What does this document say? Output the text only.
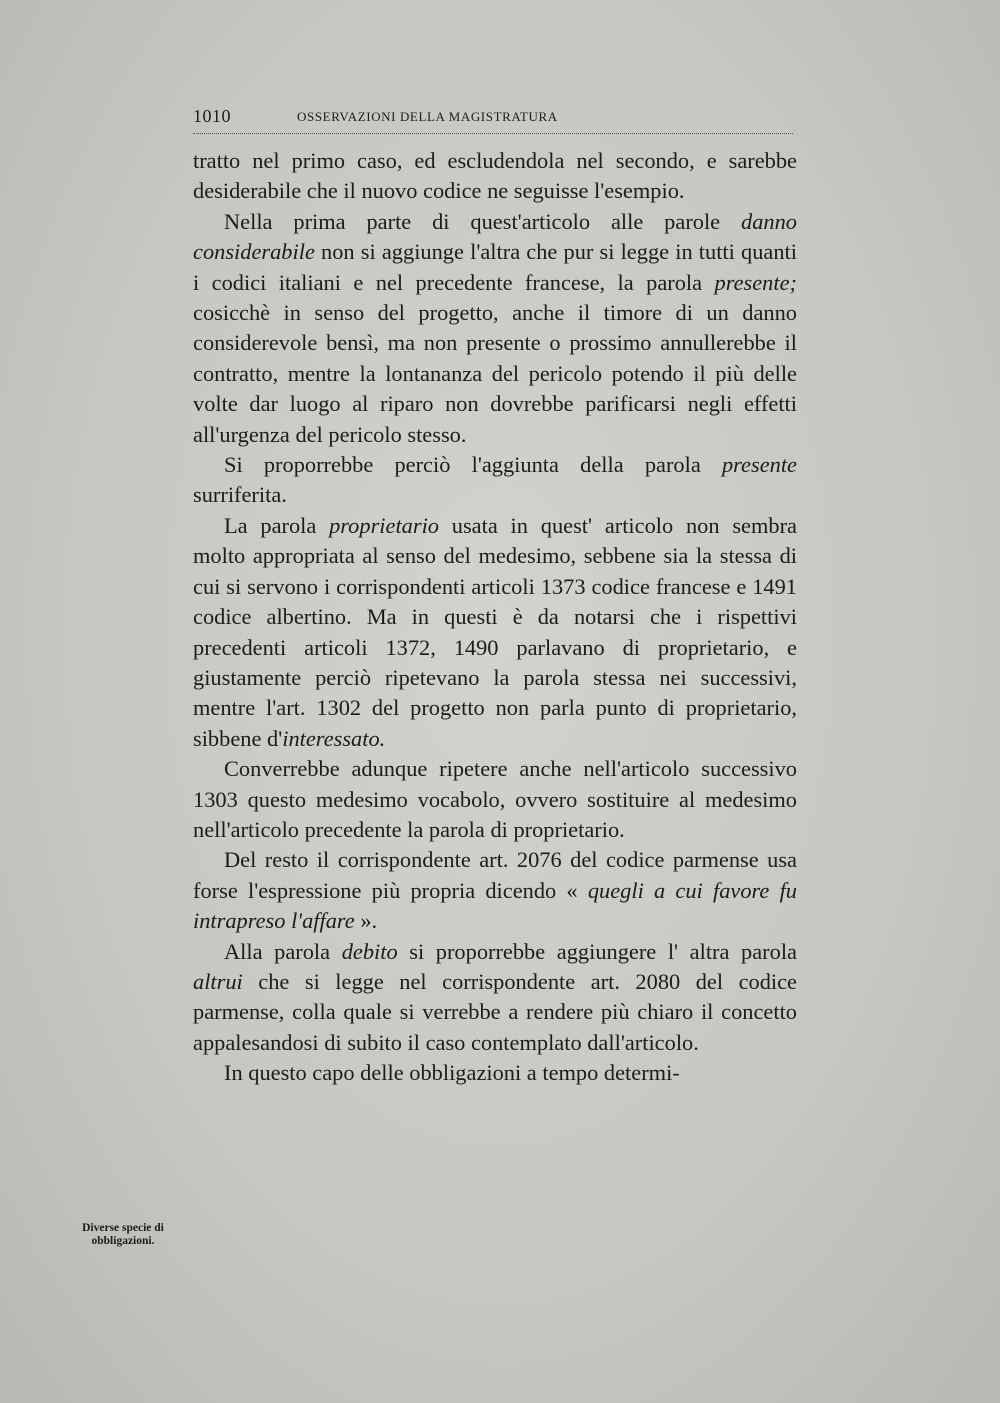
1010	OSSERVAZIONI DELLA MAGISTRATURA

tratto nel primo caso, ed escludendola nel secondo, e sarebbe desiderabile che il nuovo codice ne seguisse l'esempio.

Nella prima parte di quest'articolo alle parole danno considerabile non si aggiunge l'altra che pur si legge in tutti quanti i codici italiani e nel precedente francese, la parola presente; cosicchè in senso del progetto, anche il timore di un danno considerevole bensì, ma non presente o prossimo annullerebbe il contratto, mentre la lontananza del pericolo potendo il più delle volte dar luogo al riparo non dovrebbe parificarsi negli effetti all'urgenza del pericolo stesso.

Si proporrebbe perciò l'aggiunta della parola presente surriferita.

La parola proprietario usata in quest' articolo non sembra molto appropriata al senso del medesimo, sebbene sia la stessa di cui si servono i corrispondenti articoli 1373 codice francese e 1491 codice albertino. Ma in questi è da notarsi che i rispettivi precedenti articoli 1372, 1490 parlavano di proprietario, e giustamente perciò ripetevano la parola stessa nei successivi, mentre l'art. 1302 del progetto non parla punto di proprietario, sibbene d'interessato.

Converrebbe adunque ripetere anche nell'articolo successivo 1303 questo medesimo vocabolo, ovvero sostituire al medesimo nell'articolo precedente la parola di proprietario.

Del resto il corrispondente art. 2076 del codice parmense usa forse l'espressione più propria dicendo « quegli a cui favore fu intrapreso l'affare ».

Alla parola debito si proporrebbe aggiungere l' altra parola altrui che si legge nel corrispondente art. 2080 del codice parmense, colla quale si verrebbe a rendere più chiaro il concetto appalesandosi di subito il caso contemplato dall'articolo.

In questo capo delle obbligazioni a tempo determi-

Diverse specie di obbligazioni.
